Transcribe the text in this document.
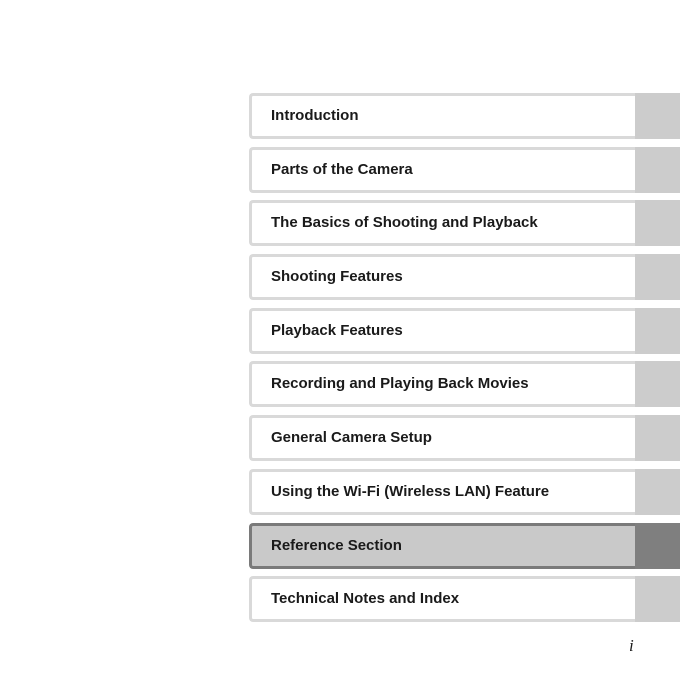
Introduction
Parts of the Camera
The Basics of Shooting and Playback
Shooting Features
Playback Features
Recording and Playing Back Movies
General Camera Setup
Using the Wi-Fi (Wireless LAN) Feature
Reference Section
Technical Notes and Index
i
